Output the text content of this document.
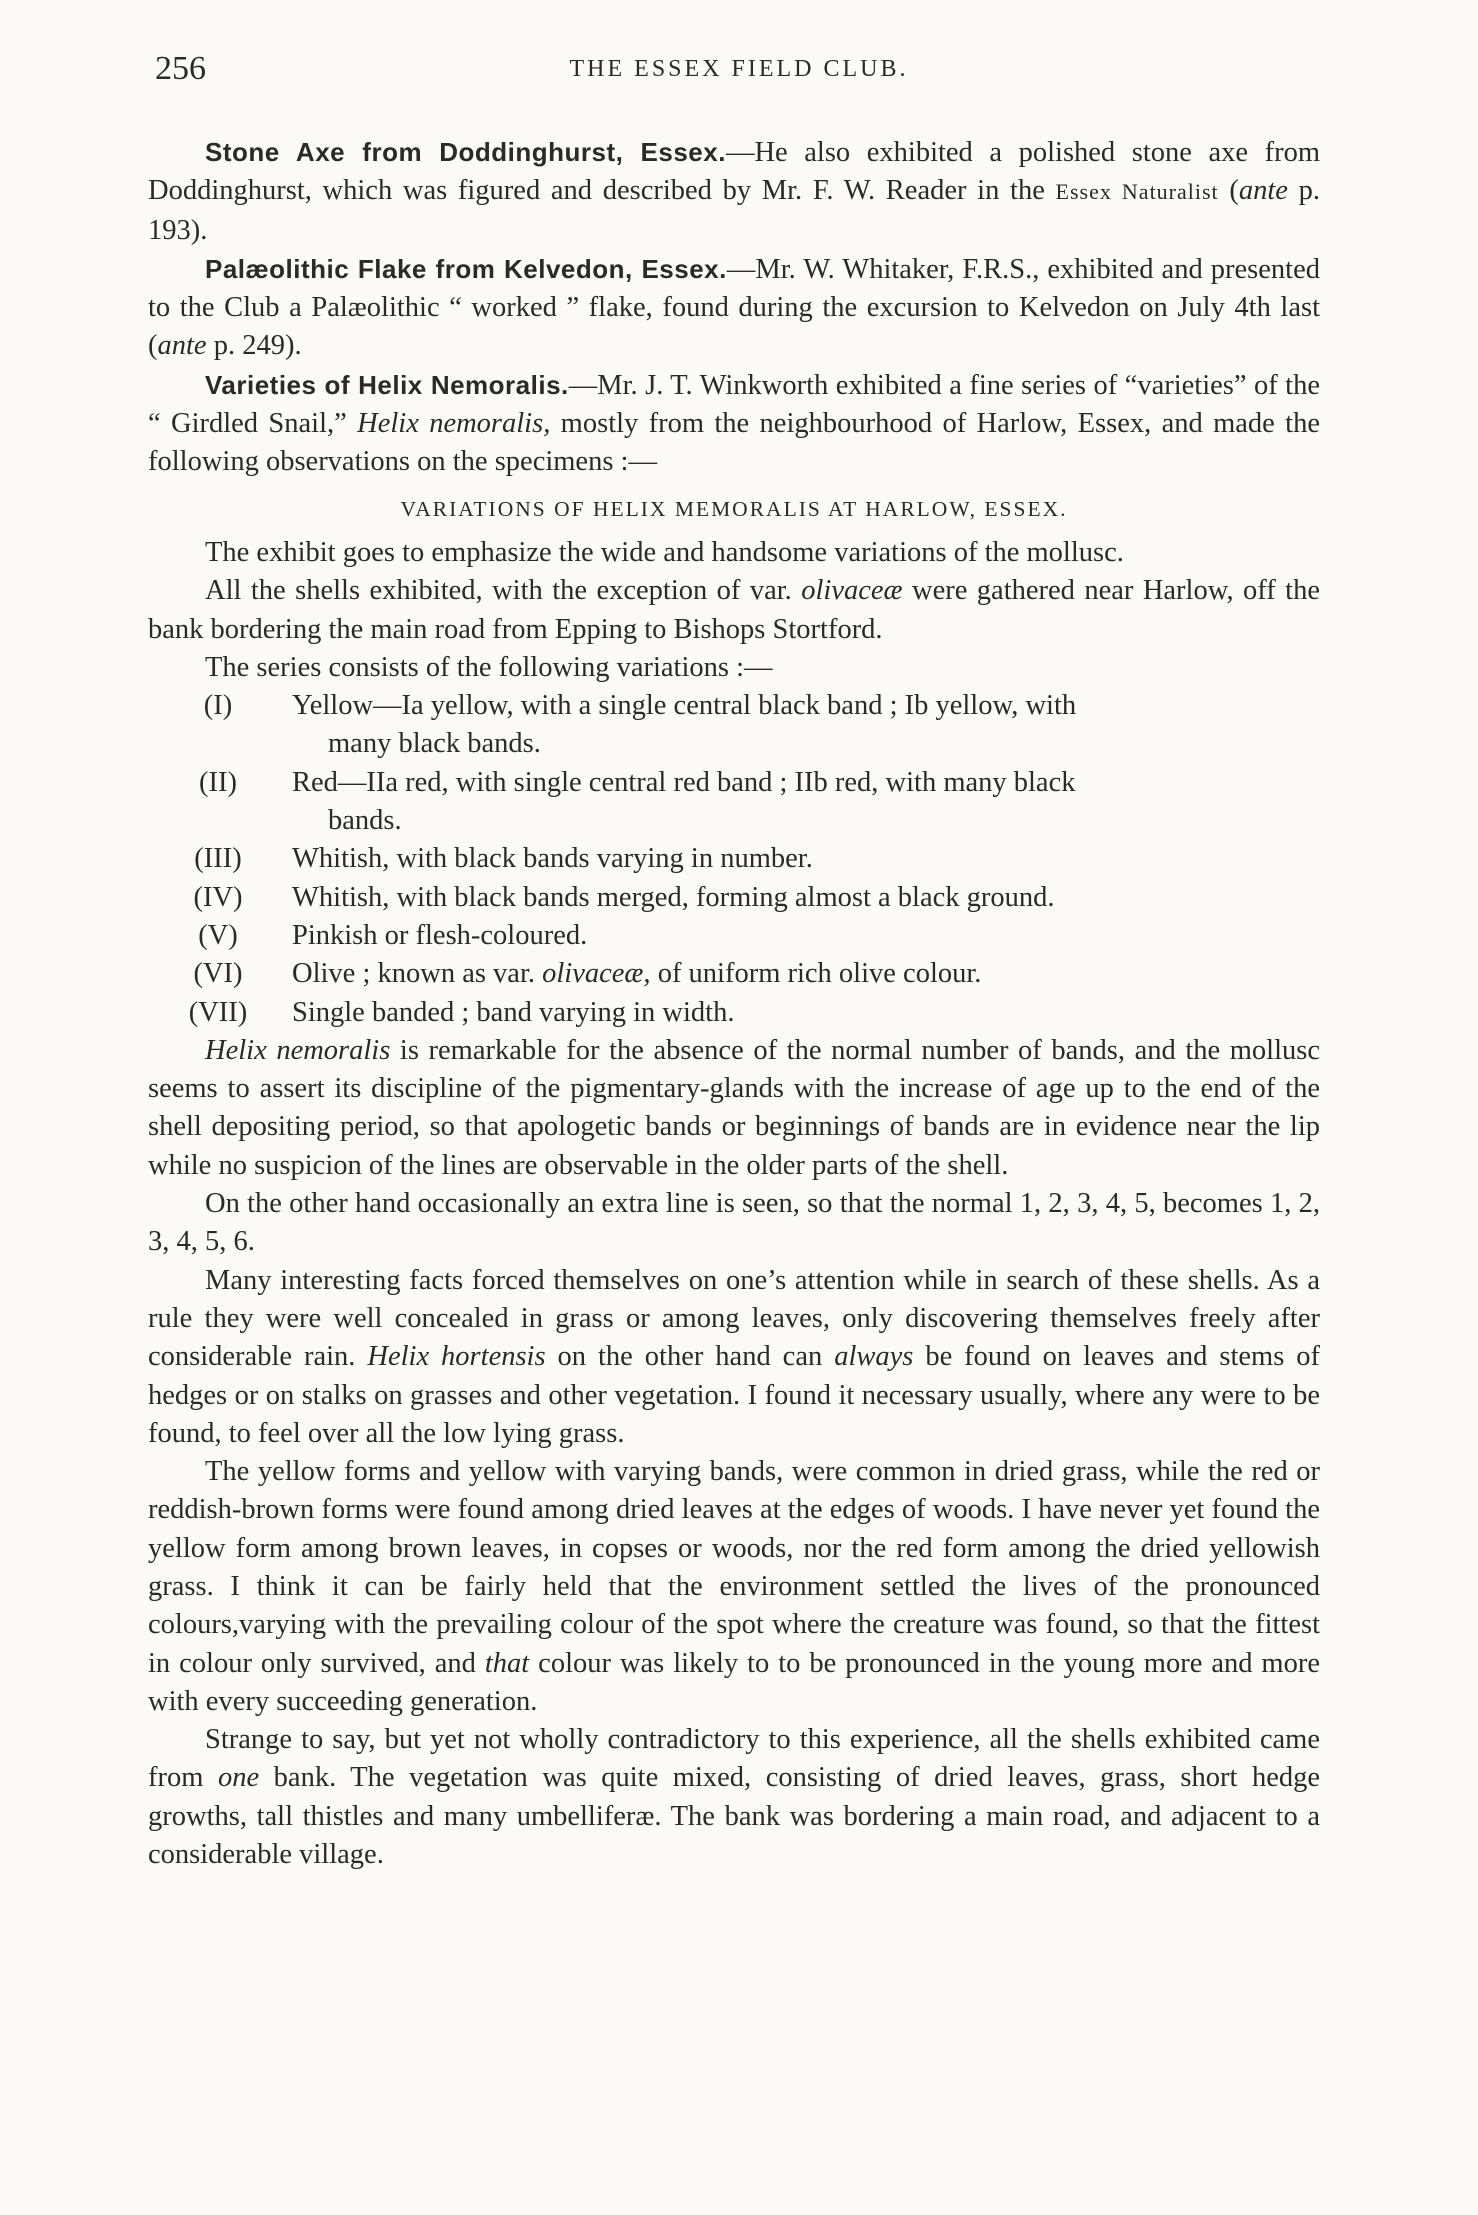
256	THE ESSEX FIELD CLUB.

Stone Axe from Doddinghurst, Essex.—He also exhibited a polished stone axe from Doddinghurst, which was figured and described by Mr. F. W. Reader in the Essex Naturalist (ante p. 193).

Palæolithic Flake from Kelvedon, Essex.—Mr. W. Whitaker, F.R.S., exhibited and presented to the Club a Palæolithic “ worked ” flake, found during the excursion to Kelvedon on July 4th last (ante p. 249).

Varieties of Helix Nemoralis.—Mr. J. T. Winkworth exhibited a fine series of “varieties” of the “ Girdled Snail,” Helix nemoralis, mostly from the neighbourhood of Harlow, Essex, and made the following observations on the specimens :—

VARIATIONS OF HELIX MEMORALIS AT HARLOW, ESSEX.

The exhibit goes to emphasize the wide and handsome variations of the mollusc.

All the shells exhibited, with the exception of var. olivaceæ were gathered near Harlow, off the bank bordering the main road from Epping to Bishops Stortford.

The series consists of the following variations :—

(I)	Yellow—Ia yellow, with a single central black band ; Ib yellow, with
many black bands.
(II)	Red—IIa red, with single central red band ; IIb red, with many black
bands.
(III)	Whitish, with black bands varying in number.
(IV)	Whitish, with black bands merged, forming almost a black ground.
(V)	Pinkish or flesh-coloured.
(VI)	Olive ; known as var. olivaceæ, of uniform rich olive colour.
(VII)	Single banded ; band varying in width.

Helix nemoralis is remarkable for the absence of the normal number of bands, and the mollusc seems to assert its discipline of the pigmentary-glands with the increase of age up to the end of the shell depositing period, so that apologetic bands or beginnings of bands are in evidence near the lip while no suspicion of the lines are observable in the older parts of the shell.

On the other hand occasionally an extra line is seen, so that the normal 1, 2, 3, 4, 5, becomes 1, 2, 3, 4, 5, 6.

Many interesting facts forced themselves on one’s attention while in search of these shells. As a rule they were well concealed in grass or among leaves, only discovering themselves freely after considerable rain. Helix hortensis on the other hand can always be found on leaves and stems of hedges or on stalks on grasses and other vegetation. I found it necessary usually, where any were to be found, to feel over all the low lying grass.

The yellow forms and yellow with varying bands, were common in dried grass, while the red or reddish-brown forms were found among dried leaves at the edges of woods. I have never yet found the yellow form among brown leaves, in copses or woods, nor the red form among the dried yellowish grass. I think it can be fairly held that the environment settled the lives of the pronounced colours,varying with the prevailing colour of the spot where the creature was found, so that the fittest in colour only survived, and that colour was likely to to be pronounced in the young more and more with every succeeding generation.

Strange to say, but yet not wholly contradictory to this experience, all the shells exhibited came from one bank. The vegetation was quite mixed, consisting of dried leaves, grass, short hedge growths, tall thistles and many umbelliferæ. The bank was bordering a main road, and adjacent to a considerable village.
